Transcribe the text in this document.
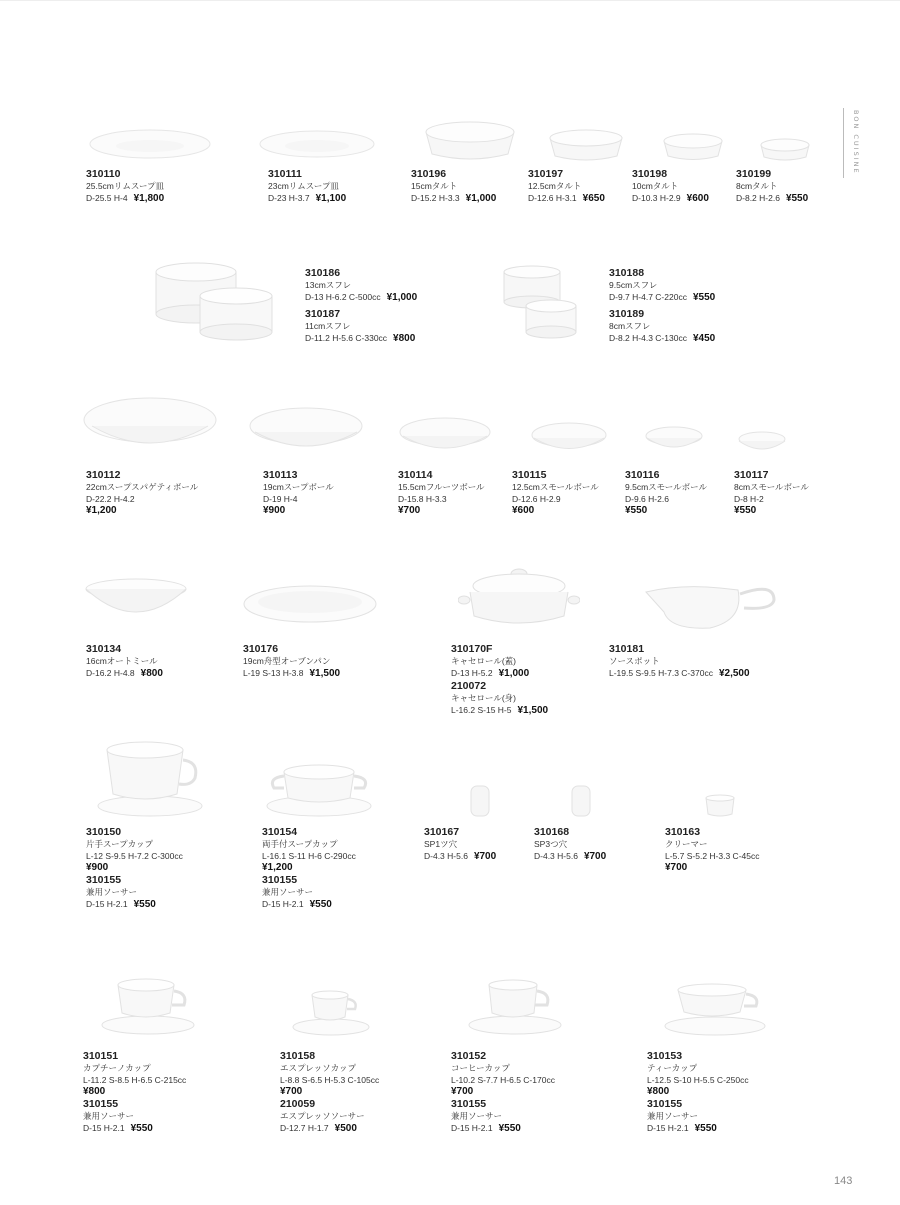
BON CUISINE
310110
25.5cmリムスープ皿
D-25.5 H-4 ¥1,800
310111
23cmリムスープ皿
D-23 H-3.7 ¥1,100
310196
15cmタルト
D-15.2 H-3.3 ¥1,000
310197
12.5cmタルト
D-12.6 H-3.1 ¥650
310198
10cmタルト
D-10.3 H-2.9 ¥600
310199
8cmタルト
D-8.2 H-2.6 ¥550
310186
13cmスフレ
D-13 H-6.2 C-500cc ¥1,000
310187
11cmスフレ
D-11.2 H-5.6 C-330cc ¥800
310188
9.5cmスフレ
D-9.7 H-4.7 C-220cc ¥550
310189
8cmスフレ
D-8.2 H-4.3 C-130cc ¥450
310112
22cmスープスパゲティボール
D-22.2 H-4.2
¥1,200
310113
19cmスープボール
D-19 H-4
¥900
310114
15.5cmフルーツボール
D-15.8 H-3.3
¥700
310115
12.5cmスモールボール
D-12.6 H-2.9
¥600
310116
9.5cmスモールボール
D-9.6 H-2.6
¥550
310117
8cmスモールボール
D-8 H-2
¥550
310134
16cmオートミール
D-16.2 H-4.8 ¥800
310176
19cm舟型オーブンパン
L-19 S-13 H-3.8 ¥1,500
310170F
キャセロール(蓋)
D-13 H-5.2 ¥1,000
210072
キャセロール(身)
L-16.2 S-15 H-5 ¥1,500
310181
ソースポット
L-19.5 S-9.5 H-7.3 C-370cc ¥2,500
310150
片手スープカップ
L-12 S-9.5 H-7.2 C-300cc
¥900
310155
兼用ソーサー
D-15 H-2.1 ¥550
310154
両手付スープカップ
L-16.1 S-11 H-6 C-290cc
¥1,200
310155
兼用ソーサー
D-15 H-2.1 ¥550
310167
SP1ツ穴
D-4.3 H-5.6 ¥700
310168
SP3つ穴
D-4.3 H-5.6 ¥700
310163
クリーマー
L-5.7 S-5.2 H-3.3 C-45cc
¥700
310151
カプチーノカップ
L-11.2 S-8.5 H-6.5 C-215cc
¥800
310155
兼用ソーサー
D-15 H-2.1 ¥550
310158
エスプレッソカップ
L-8.8 S-6.5 H-5.3 C-105cc
¥700
210059
エスプレッソソーサー
D-12.7 H-1.7 ¥500
310152
コーヒーカップ
L-10.2 S-7.7 H-6.5 C-170cc
¥700
310155
兼用ソーサー
D-15 H-2.1 ¥550
310153
ティーカップ
L-12.5 S-10 H-5.5 C-250cc
¥800
310155
兼用ソーサー
D-15 H-2.1 ¥550
143
